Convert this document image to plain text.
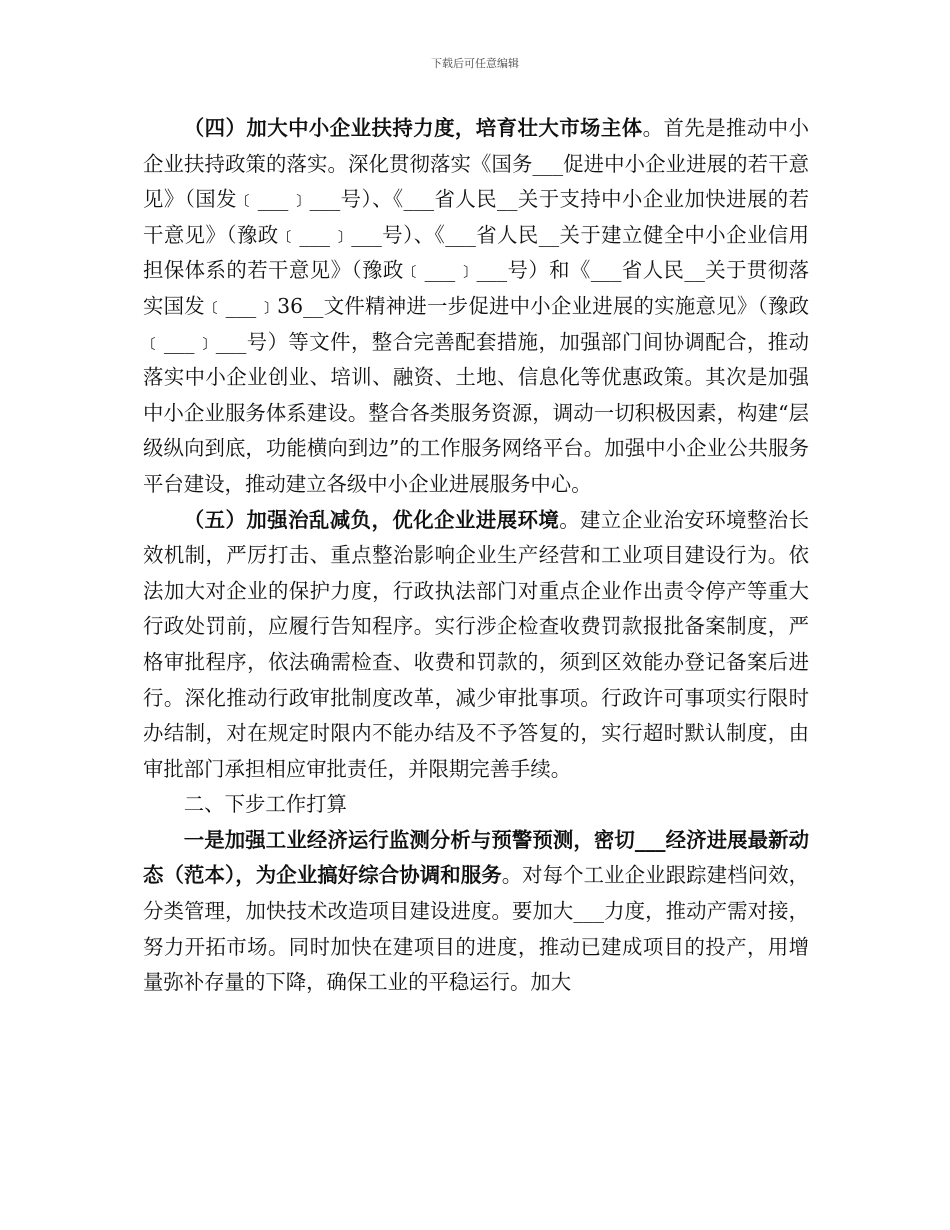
下载后可任意编辑

（四）加大中小企业扶持力度，培育壮大市场主体。首先是推动中小企业扶持政策的落实。深化贯彻落实《国务___促进中小企业进展的若干意见》（国发﹝___﹞___号）、《___省人民__关于支持中小企业加快进展的若干意见》（豫政﹝___﹞___号）、《___省人民__关于建立健全中小企业信用担保体系的若干意见》（豫政﹝___﹞___号）和《___省人民__关于贯彻落实国发﹝___﹞36__文件精神进一步促进中小企业进展的实施意见》（豫政﹝___﹞___号）等文件，整合完善配套措施，加强部门间协调配合，推动落实中小企业创业、培训、融资、土地、信息化等优惠政策。其次是加强中小企业服务体系建设。整合各类服务资源，调动一切积极因素，构建“层级纵向到底，功能横向到边”的工作服务网络平台。加强中小企业公共服务平台建设，推动建立各级中小企业进展服务中心。

（五）加强治乱减负，优化企业进展环境。建立企业治安环境整治长效机制，严厉打击、重点整治影响企业生产经营和工业项目建设行为。依法加大对企业的保护力度，行政执法部门对重点企业作出责令停产等重大行政处罚前，应履行告知程序。实行涉企检查收费罚款报批备案制度，严格审批程序，依法确需检查、收费和罚款的，须到区效能办登记备案后进行。深化推动行政审批制度改革，减少审批事项。行政许可事项实行限时办结制，对在规定时限内不能办结及不予答复的，实行超时默认制度，由审批部门承担相应审批责任，并限期完善手续。

二、下步工作打算

一是加强工业经济运行监测分析与预警预测，密切___经济进展最新动态（范本），为企业搞好综合协调和服务。对每个工业企业跟踪建档问效，分类管理，加快技术改造项目建设进度。要加大___力度，推动产需对接，努力开拓市场。同时加快在建项目的进度，推动已建成项目的投产，用增量弥补存量的下降，确保工业的平稳运行。加大
